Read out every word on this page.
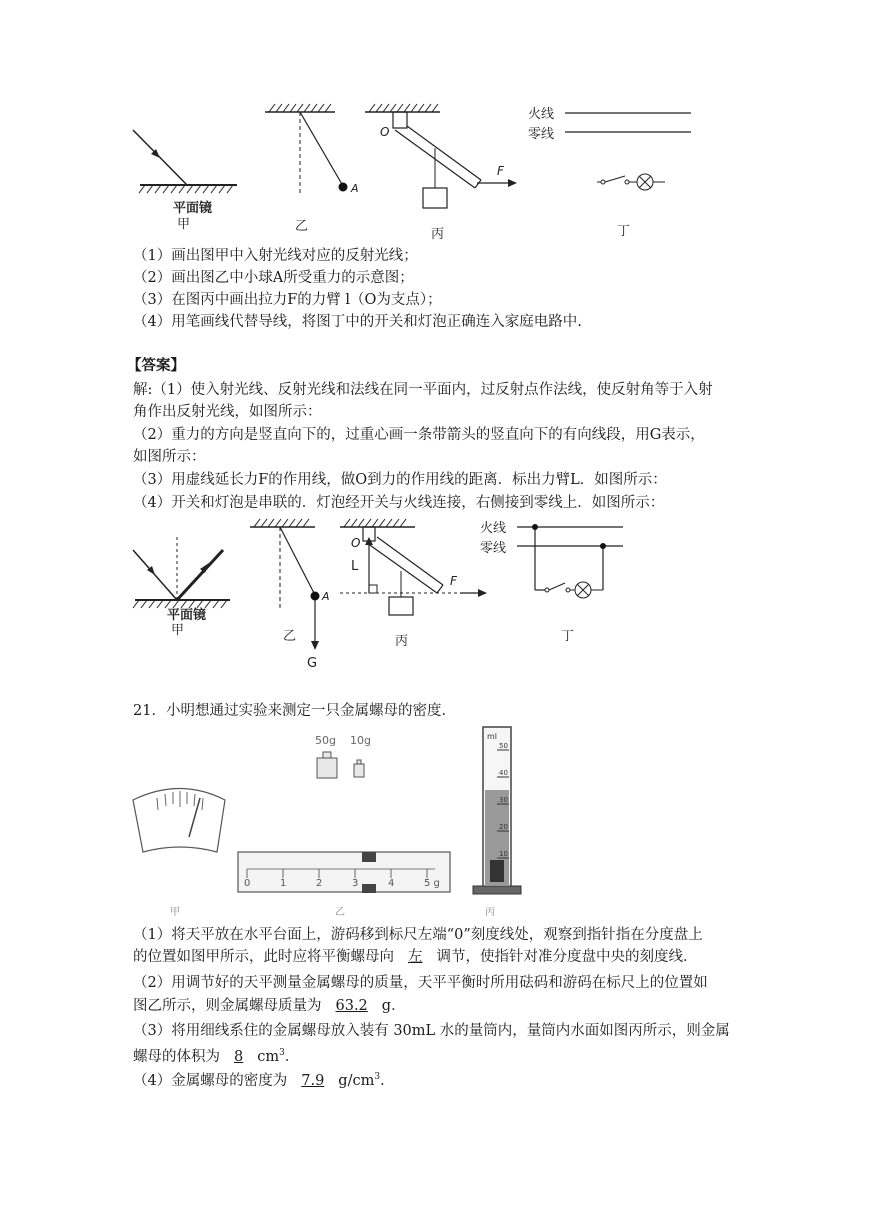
平面镜
甲
A
乙
O
F
丙
火线
零线
丁
（1）画出图甲中入射光线对应的反射光线；
（2）画出图乙中小球A所受重力的示意图；
（3）在图丙中画出拉力F的力臂 l（O为支点）；
（4）用笔画线代替导线，将图丁中的开关和灯泡正确连入家庭电路中.
【答案】
解:（1）使入射光线、反射光线和法线在同一平面内，过反射点作法线，使反射角等于入射
角作出反射光线，如图所示：
（2）重力的方向是竖直向下的，过重心画一条带箭头的竖直向下的有向线段，用G表示，
如图所示：
（3）用虚线延长力F的作用线，做O到力的作用线的距离．标出力臂L．如图所示：
（4）开关和灯泡是串联的．灯泡经开关与火线连接，右侧接到零线上．如图所示：
平面镜
甲
A
乙
G
O
L
F
丙
火线
零线
丁
21．小明想通过实验来测定一只金属螺母的密度．
甲
50g 10g
0	1	2	3	4	5 g
乙
ml
50
40
30
20
10
丙
（1）将天平放在水平台面上，游码移到标尺左端“0”刻度线处，观察到指针指在分度盘上
的位置如图甲所示，此时应将平衡螺母向 左 调节，使指针对准分度盘中央的刻度线．
（2）用调节好的天平测量金属螺母的质量，天平平衡时所用砝码和游码在标尺上的位置如
图乙所示，则金属螺母质量为 63.2 g．
（3）将用细线系住的金属螺母放入装有 30mL 水的量筒内，量筒内水面如图丙所示，则金属
螺母的体积为 8 $cm^3$．
（4）金属螺母的密度为 7.9 $g/cm^3$．
